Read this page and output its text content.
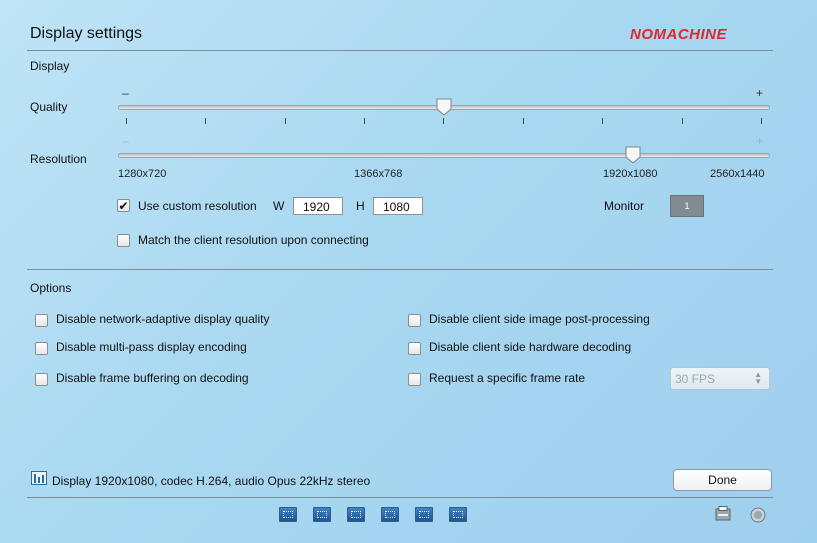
Display settings	NOMACHINE
Display
Quality
–	+
Resolution
–	+
1280x720	1366x768	1920x1080	2560x1440
✔ Use custom resolution W	1920	H	1080	Monitor	1
Match the client resolution upon connecting
Options
Disable network-adaptive display quality
Disable multi-pass display encoding
Disable frame buffering on decoding
Disable client side image post-processing
Disable client side hardware decoding
Request a specific frame rate	30 FPS	▲
▼
Display 1920x1080, codec H.264, audio Opus 22kHz stereo	Done
